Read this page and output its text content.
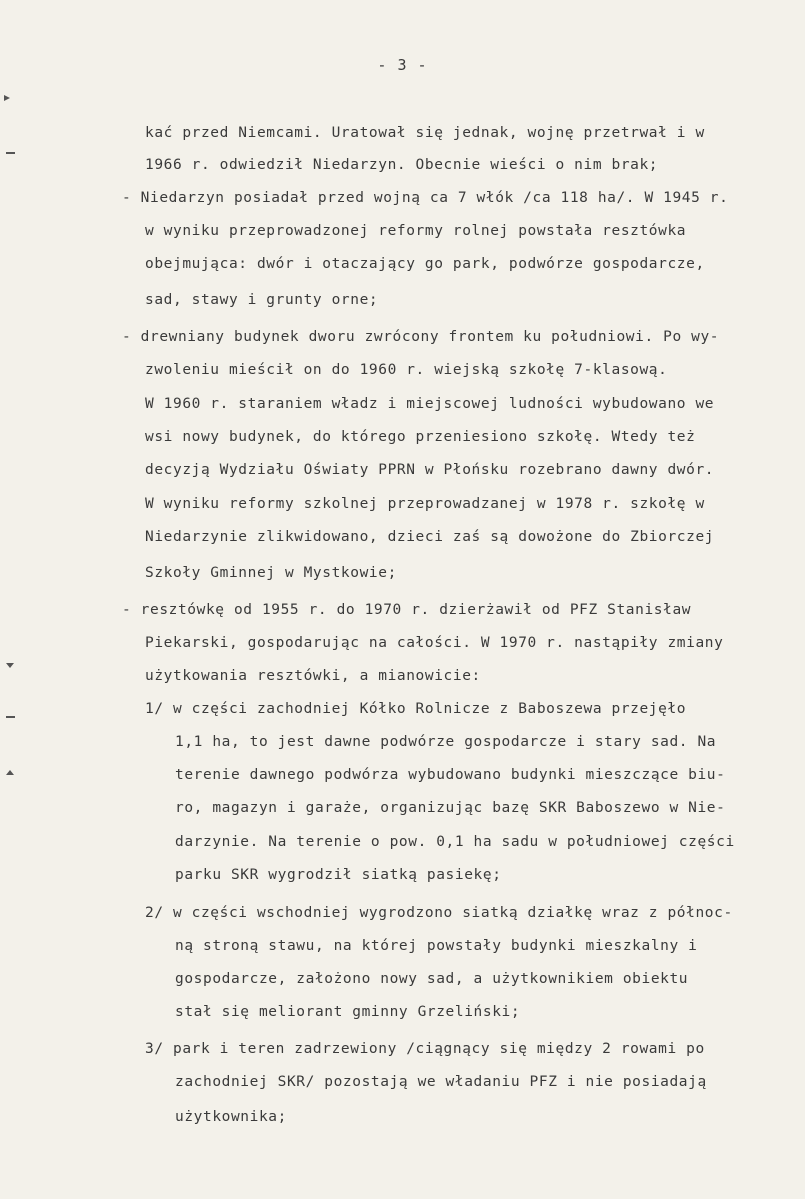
- 3 -
kać przed Niemcami. Uratował się jednak, wojnę przetrwał i w
1966 r. odwiedził Niedarzyn. Obecnie wieści o nim brak;
- Niedarzyn posiadał przed wojną ca 7 włók /ca 118 ha/. W 1945 r.
w wyniku przeprowadzonej reformy rolnej powstała resztówka
obejmująca: dwór i otaczający go park, podwórze gospodarcze,
sad, stawy i grunty orne;
- drewniany budynek dworu zwrócony frontem ku południowi. Po wy-
zwoleniu mieścił on do 1960 r. wiejską szkołę 7-klasową.
W 1960 r. staraniem władz i miejscowej ludności wybudowano we
wsi nowy budynek, do którego przeniesiono szkołę. Wtedy też
decyzją Wydziału Oświaty PPRN w Płońsku rozebrano dawny dwór.
W wyniku reformy szkolnej przeprowadzanej w 1978 r. szkołę w
Niedarzynie zlikwidowano, dzieci zaś są dowożone do Zbiorczej
Szkoły Gminnej w Mystkowie;
- resztówkę od 1955 r. do 1970 r. dzierżawił od PFZ Stanisław
Piekarski, gospodarując na całości. W 1970 r. nastąpiły zmiany
użytkowania resztówki, a mianowicie:
1/ w części zachodniej Kółko Rolnicze z Baboszewa przejęło
1,1 ha, to jest dawne podwórze gospodarcze i stary sad. Na
terenie dawnego podwórza wybudowano budynki mieszczące biu-
ro, magazyn i garaże, organizując bazę SKR Baboszewo w Nie-
darzynie. Na terenie o pow. 0,1 ha sadu w południowej części
parku SKR wygrodził siatką pasiekę;
2/ w części wschodniej wygrodzono siatką działkę wraz z północ-
ną stroną stawu, na której powstały budynki mieszkalny i
gospodarcze, założono nowy sad, a użytkownikiem obiektu
stał się meliorant gminny Grzeliński;
3/ park i teren zadrzewiony /ciągnący się między 2 rowami po
zachodniej SKR/ pozostają we władaniu PFZ i nie posiadają
użytkownika;
